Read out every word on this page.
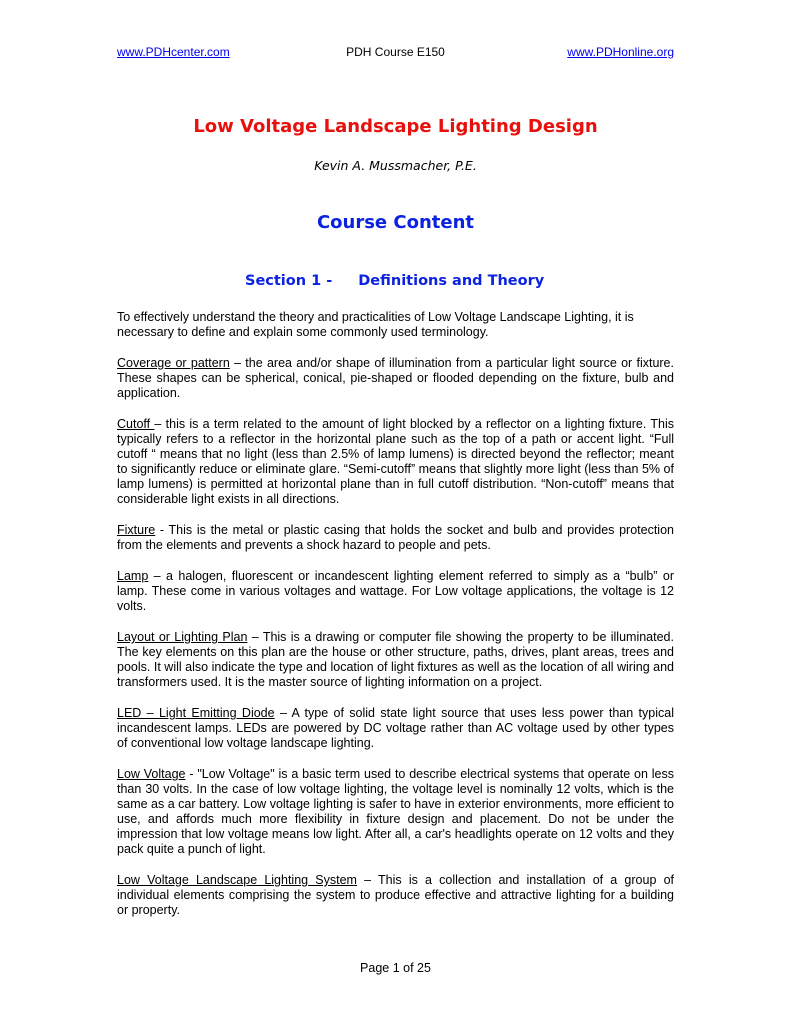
www.PDHcenter.com	PDH Course E150	www.PDHonline.org
Low Voltage Landscape Lighting Design
Kevin A. Mussmacher, P.E.
Course Content
Section 1 - Definitions and Theory

To effectively understand the theory and practicalities of Low Voltage Landscape Lighting, it is necessary to define and explain some commonly used terminology.

Coverage or pattern – the area and/or shape of illumination from a particular light source or fixture. These shapes can be spherical, conical, pie-shaped or flooded depending on the fixture, bulb and application.

Cutoff – this is a term related to the amount of light blocked by a reflector on a lighting fixture. This typically refers to a reflector in the horizontal plane such as the top of a path or accent light. “Full cutoff “ means that no light (less than 2.5% of lamp lumens) is directed beyond the reflector; meant to significantly reduce or eliminate glare. “Semi-cutoff” means that slightly more light (less than 5% of lamp lumens) is permitted at horizontal plane than in full cutoff distribution. “Non-cutoff” means that considerable light exists in all directions.

Fixture - This is the metal or plastic casing that holds the socket and bulb and provides protection from the elements and prevents a shock hazard to people and pets.

Lamp – a halogen, fluorescent or incandescent lighting element referred to simply as a “bulb” or lamp. These come in various voltages and wattage. For Low voltage applications, the voltage is 12 volts.

Layout or Lighting Plan – This is a drawing or computer file showing the property to be illuminated. The key elements on this plan are the house or other structure, paths, drives, plant areas, trees and pools. It will also indicate the type and location of light fixtures as well as the location of all wiring and transformers used. It is the master source of lighting information on a project.

LED – Light Emitting Diode – A type of solid state light source that uses less power than typical incandescent lamps. LEDs are powered by DC voltage rather than AC voltage used by other types of conventional low voltage landscape lighting.

Low Voltage - "Low Voltage" is a basic term used to describe electrical systems that operate on less than 30 volts. In the case of low voltage lighting, the voltage level is nominally 12 volts, which is the same as a car battery. Low voltage lighting is safer to have in exterior environments, more efficient to use, and affords much more flexibility in fixture design and placement. Do not be under the impression that low voltage means low light. After all, a car's headlights operate on 12 volts and they pack quite a punch of light.

Low Voltage Landscape Lighting System – This is a collection and installation of a group of individual elements comprising the system to produce effective and attractive lighting for a building or property.

Page 1 of 25
